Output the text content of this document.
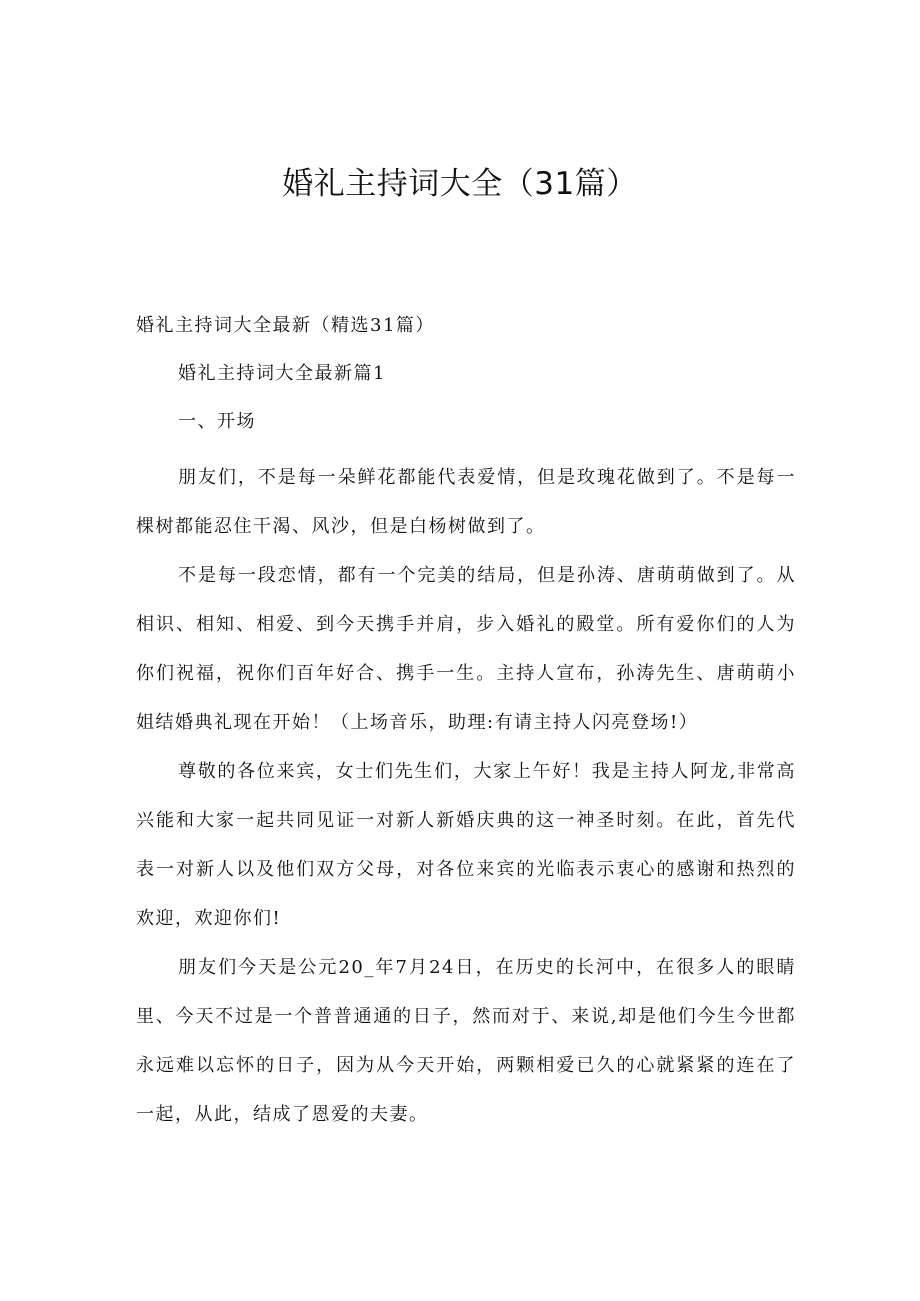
婚礼主持词大全（31篇）

婚礼主持词大全最新（精选31篇）

婚礼主持词大全最新篇1

一、开场

朋友们，不是每一朵鲜花都能代表爱情，但是玫瑰花做到了。不是每一棵树都能忍住干渴、风沙，但是白杨树做到了。

不是每一段恋情，都有一个完美的结局，但是孙涛、唐萌萌做到了。从相识、相知、相爱、到今天携手并肩，步入婚礼的殿堂。所有爱你们的人为你们祝福，祝你们百年好合、携手一生。主持人宣布，孙涛先生、唐萌萌小姐结婚典礼现在开始！（上场音乐，助理:有请主持人闪亮登场!）

尊敬的各位来宾，女士们先生们，大家上午好！我是主持人阿龙,非常高兴能和大家一起共同见证一对新人新婚庆典的这一神圣时刻。在此，首先代表一对新人以及他们双方父母，对各位来宾的光临表示衷心的感谢和热烈的欢迎，欢迎你们!

朋友们今天是公元20_年7月24日，在历史的长河中，在很多人的眼睛里、今天不过是一个普普通通的日子，然而对于、来说,却是他们今生今世都永远难以忘怀的日子，因为从今天开始，两颗相爱已久的心就紧紧的连在了一起，从此，结成了恩爱的夫妻。
